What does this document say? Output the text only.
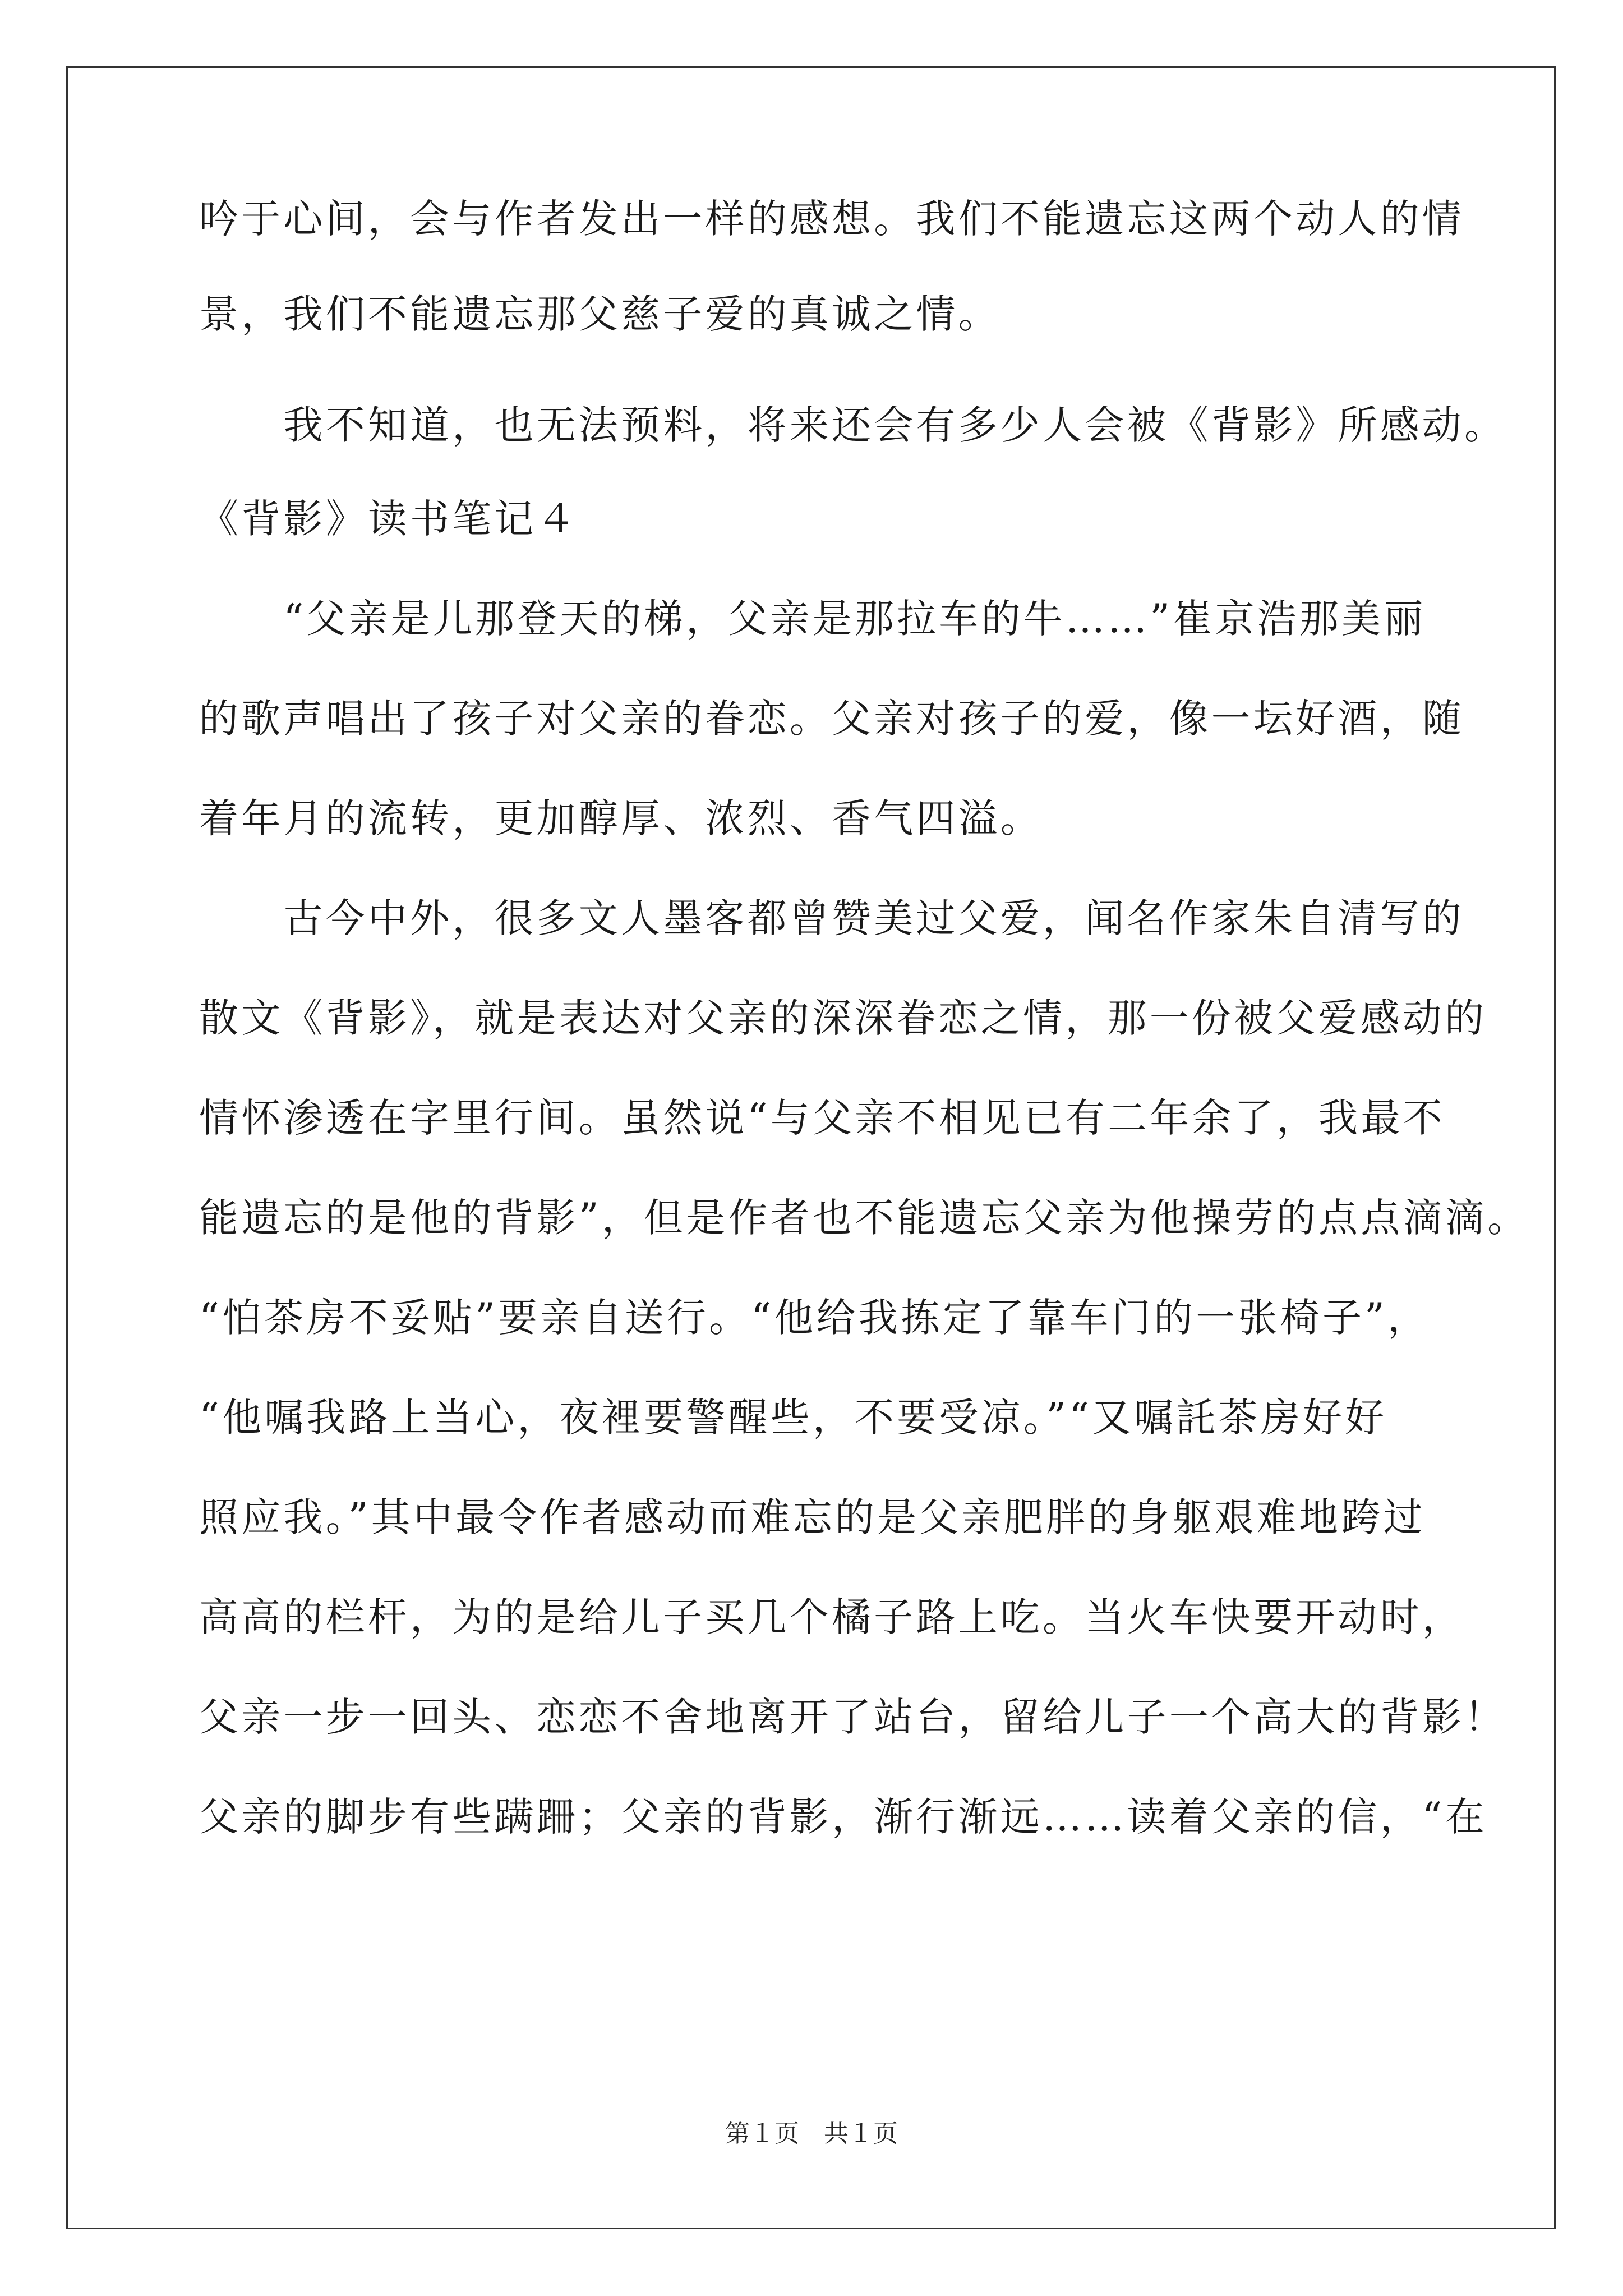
吟于心间，会与作者发出一样的感想。我们不能遗忘这两个动人的情
景，我们不能遗忘那父慈子爱的真诚之情。
　　我不知道，也无法预料，将来还会有多少人会被《背影》所感动。
《背影》读书笔记４
　　“父亲是儿那登天的梯，父亲是那拉车的牛……”崔京浩那美丽
的歌声唱出了孩子对父亲的眷恋。父亲对孩子的爱，像一坛好酒，随
着年月的流转，更加醇厚、浓烈、香气四溢。
　　古今中外，很多文人墨客都曾赞美过父爱，闻名作家朱自清写的
散文《背影》，就是表达对父亲的深深眷恋之情，那一份被父爱感动的
情怀渗透在字里行间。虽然说“与父亲不相见已有二年余了，我最不
能遗忘的是他的背影”，但是作者也不能遗忘父亲为他操劳的点点滴滴。
“怕茶房不妥贴”要亲自送行。“他给我拣定了靠车门的一张椅子”，
“他嘱我路上当心，夜裡要警醒些，不要受凉。”“又嘱託茶房好好
照应我。”其中最令作者感动而难忘的是父亲肥胖的身躯艰难地跨过
高高的栏杆，为的是给儿子买几个橘子路上吃。当火车快要开动时，
父亲一步一回头、恋恋不舍地离开了站台，留给儿子一个高大的背影！
父亲的脚步有些蹒跚；父亲的背影，渐行渐远……读着父亲的信，“在
第１页　共１页
